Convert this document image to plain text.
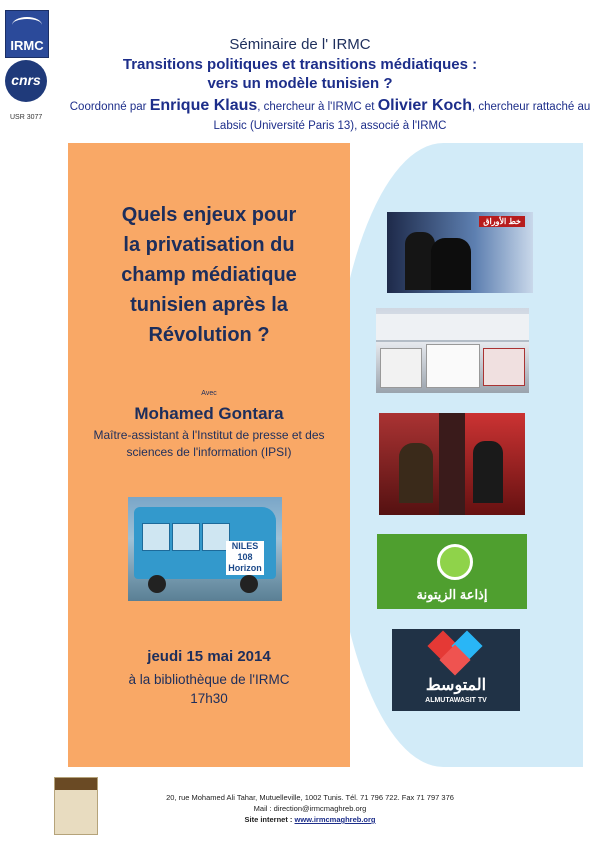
IRMC
cnrs
USR 3077
Séminaire de l' IRMC
Transitions politiques et transitions médiatiques :
vers un modèle tunisien ?
Coordonné par Enrique Klaus, chercheur à l'IRMC et Olivier Koch, chercheur rattaché au Labsic (Université Paris 13), associé à l'IRMC
Quels enjeux pour
la privatisation du
champ médiatique
tunisien après la
Révolution ?
Avec
Mohamed Gontara
Maître-assistant à l'Institut de presse et des sciences de l'information (IPSI)
NILES 108 Horizon
jeudi 15 mai 2014
à la bibliothèque de l'IRMC
17h30
خط الأوراق
إذاعة الزيتونة
المتوسط
ALMUTAWASIT TV
20, rue Mohamed Ali Tahar, Mutuelleville, 1002 Tunis. Tél. 71 796 722. Fax 71 797 376
Mail : direction@irmcmaghreb.org
Site internet : www.irmcmaghreb.org
